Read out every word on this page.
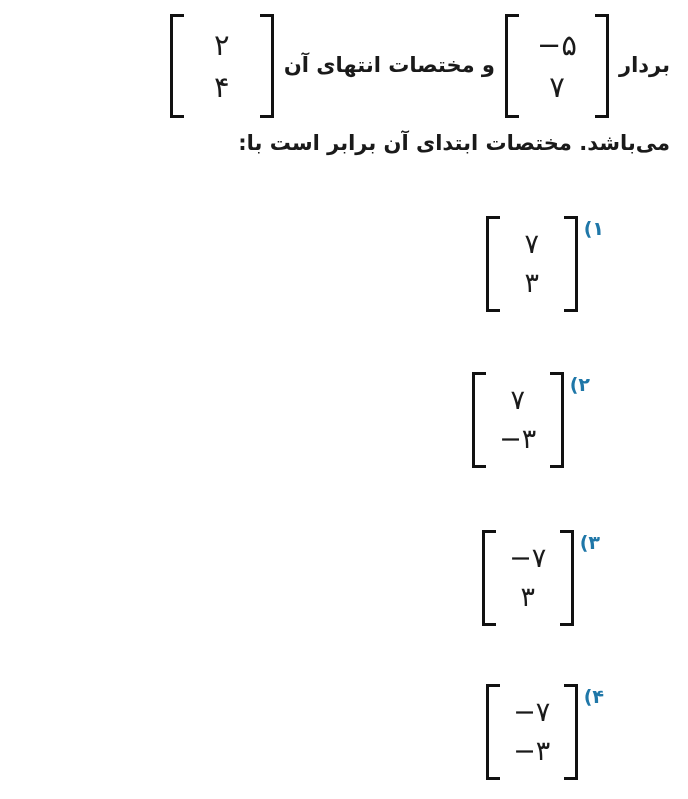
بردار
−۵
۷
و مختصات انتهای آن
۲
۴
می‌باشد. مختصات ابتدای آن برابر است با:
۱)
۷
۳
۲)
۷
−۳
۳)
−۷
۳
۴)
−۷
−۳
